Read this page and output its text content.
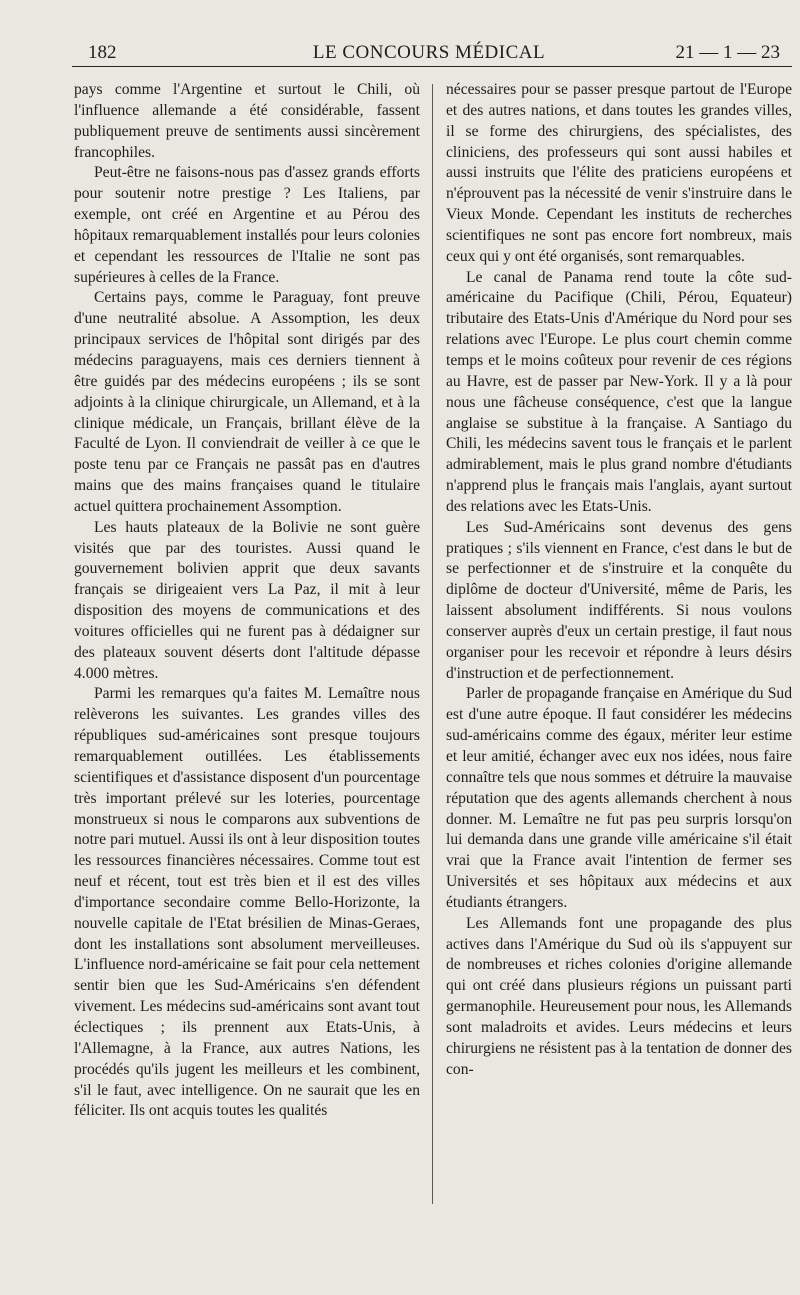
182	LE CONCOURS MÉDICAL	21 — 1 — 23

pays comme l'Argentine et surtout le Chili, où l'influence allemande a été considérable, fassent publiquement preuve de sentiments aussi sincèrement francophiles.

Peut-être ne faisons-nous pas d'assez grands efforts pour soutenir notre prestige ? Les Italiens, par exemple, ont créé en Argentine et au Pérou des hôpitaux remarquablement installés pour leurs colonies et cependant les ressources de l'Italie ne sont pas supérieures à celles de la France.

Certains pays, comme le Paraguay, font preuve d'une neutralité absolue. A Assomption, les deux principaux services de l'hôpital sont dirigés par des médecins paraguayens, mais ces derniers tiennent à être guidés par des médecins européens ; ils se sont adjoints à la clinique chirurgicale, un Allemand, et à la clinique médicale, un Français, brillant élève de la Faculté de Lyon. Il conviendrait de veiller à ce que le poste tenu par ce Français ne passât pas en d'autres mains que des mains françaises quand le titulaire actuel quittera prochainement Assomption.

Les hauts plateaux de la Bolivie ne sont guère visités que par des touristes. Aussi quand le gouvernement bolivien apprit que deux savants français se dirigeaient vers La Paz, il mit à leur disposition des moyens de communications et des voitures officielles qui ne furent pas à dédaigner sur des plateaux souvent déserts dont l'altitude dépasse 4.000 mètres.

Parmi les remarques qu'a faites M. Lemaître nous relèverons les suivantes. Les grandes villes des républiques sud-américaines sont presque toujours remarquablement outillées. Les établissements scientifiques et d'assistance disposent d'un pourcentage très important prélevé sur les loteries, pourcentage monstrueux si nous le comparons aux subventions de notre pari mutuel. Aussi ils ont à leur disposition toutes les ressources financières nécessaires. Comme tout est neuf et récent, tout est très bien et il est des villes d'importance secondaire comme Bello-Horizonte, la nouvelle capitale de l'Etat brésilien de Minas-Geraes, dont les installations sont absolument merveilleuses. L'influence nord-américaine se fait pour cela nettement sentir bien que les Sud-Américains s'en défendent vivement. Les médecins sud-américains sont avant tout éclectiques ; ils prennent aux Etats-Unis, à l'Allemagne, à la France, aux autres Nations, les procédés qu'ils jugent les meilleurs et les combinent, s'il le faut, avec intelligence. On ne saurait que les en féliciter. Ils ont acquis toutes les qualités

nécessaires pour se passer presque partout de l'Europe et des autres nations, et dans toutes les grandes villes, il se forme des chirurgiens, des spécialistes, des cliniciens, des professeurs qui sont aussi habiles et aussi instruits que l'élite des praticiens européens et n'éprouvent pas la nécessité de venir s'instruire dans le Vieux Monde. Cependant les instituts de recherches scientifiques ne sont pas encore fort nombreux, mais ceux qui y ont été organisés, sont remarquables.

Le canal de Panama rend toute la côte sud-américaine du Pacifique (Chili, Pérou, Equateur) tributaire des Etats-Unis d'Amérique du Nord pour ses relations avec l'Europe. Le plus court chemin comme temps et le moins coûteux pour revenir de ces régions au Havre, est de passer par New-York. Il y a là pour nous une fâcheuse conséquence, c'est que la langue anglaise se substitue à la française. A Santiago du Chili, les médecins savent tous le français et le parlent admirablement, mais le plus grand nombre d'étudiants n'apprend plus le français mais l'anglais, ayant surtout des relations avec les Etats-Unis.

Les Sud-Américains sont devenus des gens pratiques ; s'ils viennent en France, c'est dans le but de se perfectionner et de s'instruire et la conquête du diplôme de docteur d'Université, même de Paris, les laissent absolument indifférents. Si nous voulons conserver auprès d'eux un certain prestige, il faut nous organiser pour les recevoir et répondre à leurs désirs d'instruction et de perfectionnement.

Parler de propagande française en Amérique du Sud est d'une autre époque. Il faut considérer les médecins sud-américains comme des égaux, mériter leur estime et leur amitié, échanger avec eux nos idées, nous faire connaître tels que nous sommes et détruire la mauvaise réputation que des agents allemands cherchent à nous donner. M. Lemaître ne fut pas peu surpris lorsqu'on lui demanda dans une grande ville américaine s'il était vrai que la France avait l'intention de fermer ses Universités et ses hôpitaux aux médecins et aux étudiants étrangers.

Les Allemands font une propagande des plus actives dans l'Amérique du Sud où ils s'appuyent sur de nombreuses et riches colonies d'origine allemande qui ont créé dans plusieurs régions un puissant parti germanophile. Heureusement pour nous, les Allemands sont maladroits et avides. Leurs médecins et leurs chirurgiens ne résistent pas à la tentation de donner des con-
